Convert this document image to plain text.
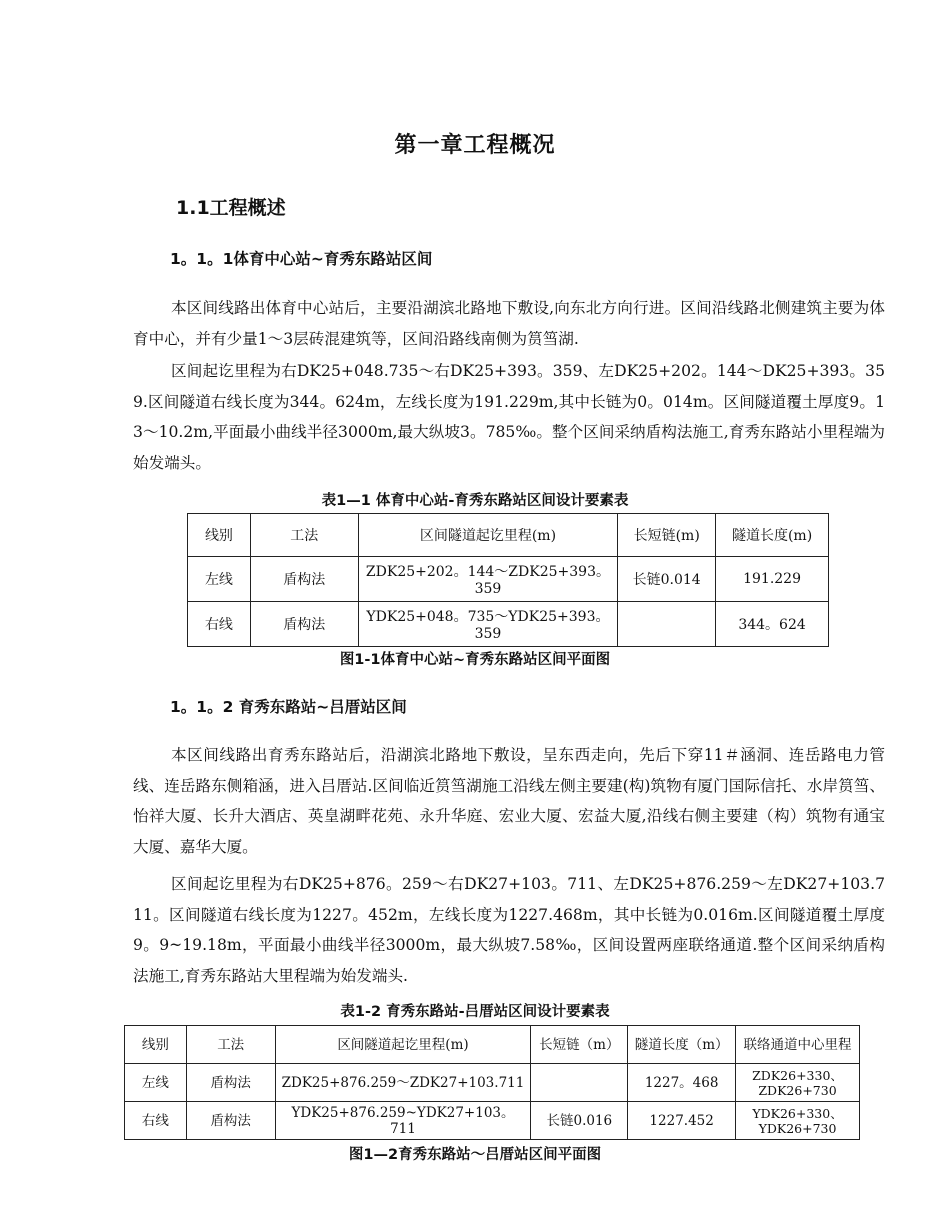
第一章工程概况
1.1工程概述
1。1。1体育中心站~育秀东路站区间

本区间线路出体育中心站后，主要沿湖滨北路地下敷设,向东北方向行进。区间沿线路北侧建筑主要为体育中心，并有少量1～3层砖混建筑等，区间沿路线南侧为筼筜湖.

区间起讫里程为右DK25+048.735～右DK25+393。359、左DK25+202。144～DK25+393。359.区间隧道右线长度为344。624m，左线长度为191.229m,其中长链为0。014m。区间隧道覆土厚度9。13～10.2m,平面最小曲线半径3000m,最大纵坡3。785‰。整个区间采纳盾构法施工,育秀东路站小里程端为始发端头。

表1—1 体育中心站-育秀东路站区间设计要素表
线别	工法	区间隧道起讫里程(m)	长短链(m)	隧道长度(m)
左线	盾构法	ZDK25+202。144～ZDK25+393。359	长链0.014	191.229
右线	盾构法	YDK25+048。735～YDK25+393。359		344。624
图1-1体育中心站~育秀东路站区间平面图
1。1。2 育秀东路站~吕厝站区间

本区间线路出育秀东路站后，沿湖滨北路地下敷设，呈东西走向，先后下穿11＃涵洞、连岳路电力管线、连岳路东侧箱涵，进入吕厝站.区间临近筼筜湖施工沿线左侧主要建(构)筑物有厦门国际信托、水岸筼筜、怡祥大厦、长升大酒店、英皇湖畔花苑、永升华庭、宏业大厦、宏益大厦,沿线右侧主要建（构）筑物有通宝大厦、嘉华大厦。

区间起讫里程为右DK25+876。259～右DK27+103。711、左DK25+876.259～左DK27+103.711。区间隧道右线长度为1227。452m，左线长度为1227.468m，其中长链为0.016m.区间隧道覆土厚度9。9~19.18m，平面最小曲线半径3000m，最大纵坡7.58‰，区间设置两座联络通道.整个区间采纳盾构法施工,育秀东路站大里程端为始发端头.

表1-2 育秀东路站-吕厝站区间设计要素表
线别	工法	区间隧道起讫里程(m)	长短链（m）	隧道长度（m）	联络通道中心里程
左线	盾构法	ZDK25+876.259～ZDK27+103.711		1227。468	ZDK26+330、ZDK26+730
右线	盾构法	YDK25+876.259~YDK27+103。711	长链0.016	1227.452	YDK26+330、YDK26+730
图1—2育秀东路站～吕厝站区间平面图
